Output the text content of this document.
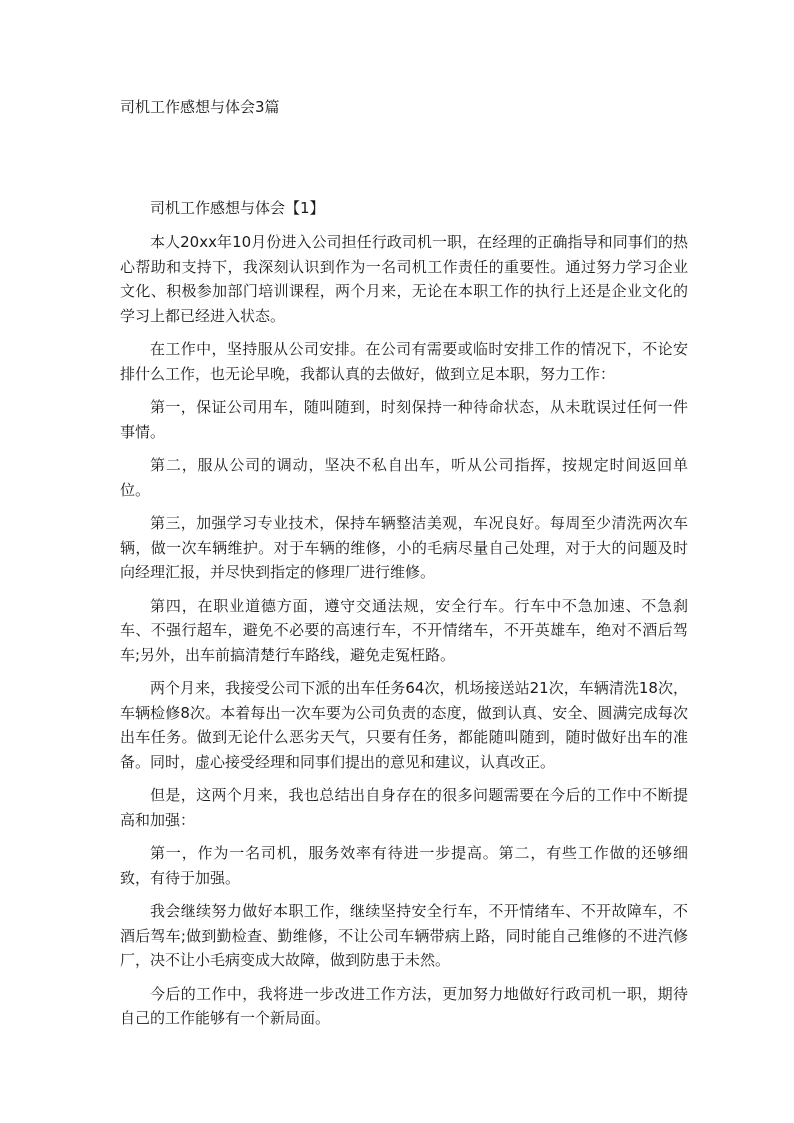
司机工作感想与体会3篇
司机工作感想与体会【1】

本人20xx年10月份进入公司担任行政司机一职，在经理的正确指导和同事们的热心帮助和支持下，我深刻认识到作为一名司机工作责任的重要性。通过努力学习企业文化、积极参加部门培训课程，两个月来，无论在本职工作的执行上还是企业文化的学习上都已经进入状态。

在工作中，坚持服从公司安排。在公司有需要或临时安排工作的情况下，不论安排什么工作，也无论早晚，我都认真的去做好，做到立足本职，努力工作：

第一，保证公司用车，随叫随到，时刻保持一种待命状态，从未耽误过任何一件事情。

第二，服从公司的调动，坚决不私自出车，听从公司指挥，按规定时间返回单位。

第三，加强学习专业技术，保持车辆整洁美观，车况良好。每周至少清洗两次车辆，做一次车辆维护。对于车辆的维修，小的毛病尽量自己处理，对于大的问题及时向经理汇报，并尽快到指定的修理厂进行维修。

第四，在职业道德方面，遵守交通法规，安全行车。行车中不急加速、不急刹车、不强行超车，避免不必要的高速行车，不开情绪车，不开英雄车，绝对不酒后驾车;另外，出车前搞清楚行车路线，避免走冤枉路。

两个月来，我接受公司下派的出车任务64次，机场接送站21次，车辆清洗18次，车辆检修8次。本着每出一次车要为公司负责的态度，做到认真、安全、圆满完成每次出车任务。做到无论什么恶劣天气，只要有任务，都能随叫随到，随时做好出车的准备。同时，虚心接受经理和同事们提出的意见和建议，认真改正。

但是，这两个月来，我也总结出自身存在的很多问题需要在今后的工作中不断提高和加强：

第一，作为一名司机，服务效率有待进一步提高。第二，有些工作做的还够细致，有待于加强。

我会继续努力做好本职工作，继续坚持安全行车，不开情绪车、不开故障车，不酒后驾车;做到勤检查、勤维修，不让公司车辆带病上路，同时能自己维修的不进汽修厂，决不让小毛病变成大故障，做到防患于未然。

今后的工作中，我将进一步改进工作方法，更加努力地做好行政司机一职，期待自己的工作能够有一个新局面。
